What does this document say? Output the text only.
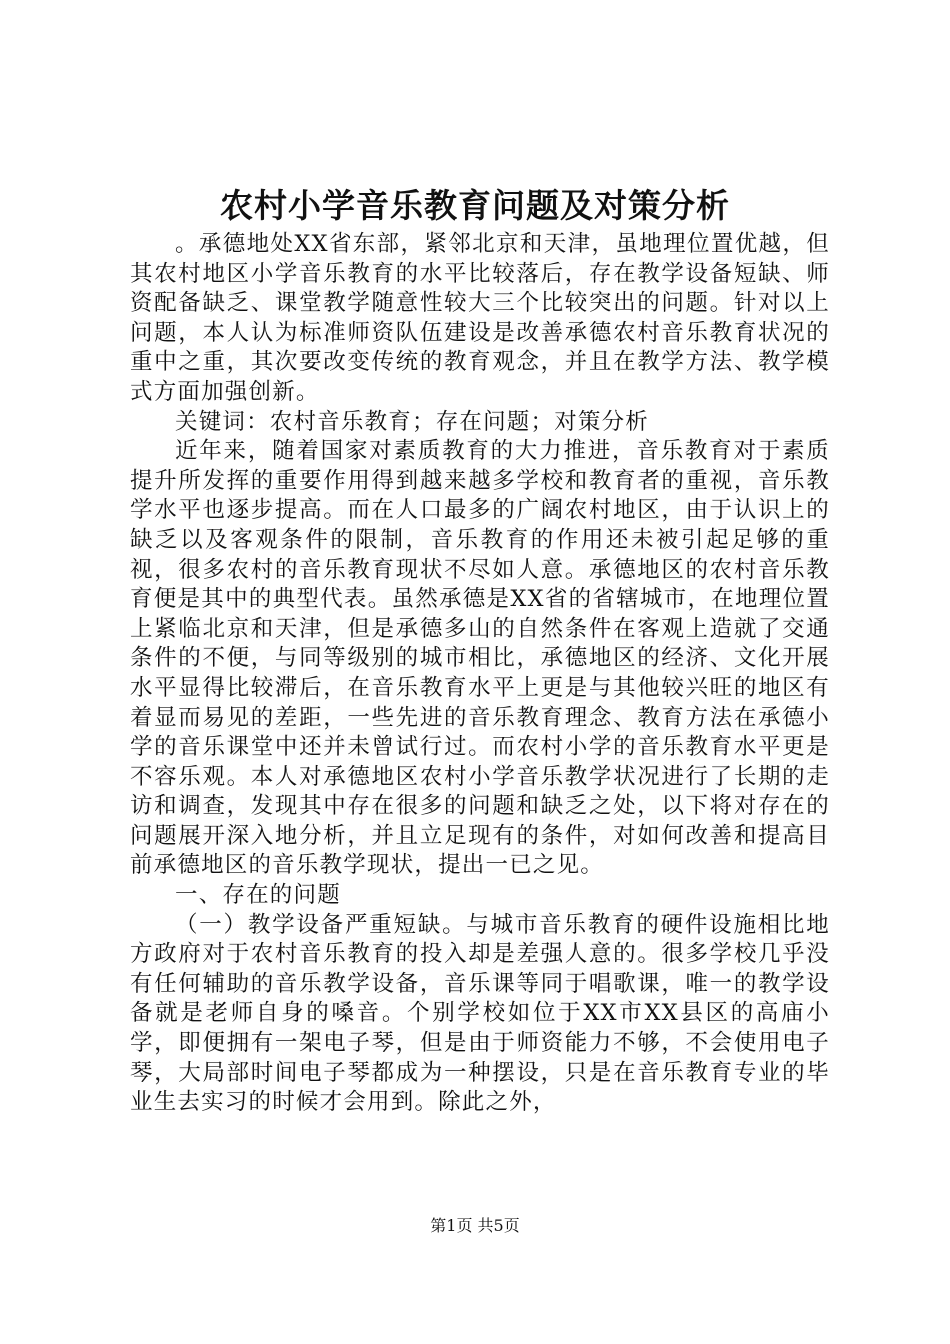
农村小学音乐教育问题及对策分析

。承德地处XX省东部，紧邻北京和天津，虽地理位置优越，但其农村地区小学音乐教育的水平比较落后，存在教学设备短缺、师资配备缺乏、课堂教学随意性较大三个比较突出的问题。针对以上问题，本人认为标准师资队伍建设是改善承德农村音乐教育状况的重中之重，其次要改变传统的教育观念，并且在教学方法、教学模式方面加强创新。

关键词：农村音乐教育；存在问题；对策分析

近年来，随着国家对素质教育的大力推进，音乐教育对于素质提升所发挥的重要作用得到越来越多学校和教育者的重视，音乐教学水平也逐步提高。而在人口最多的广阔农村地区，由于认识上的缺乏以及客观条件的限制，音乐教育的作用还未被引起足够的重视，很多农村的音乐教育现状不尽如人意。承德地区的农村音乐教育便是其中的典型代表。虽然承德是XX省的省辖城市，在地理位置上紧临北京和天津，但是承德多山的自然条件在客观上造就了交通条件的不便，与同等级别的城市相比，承德地区的经济、文化开展水平显得比较滞后，在音乐教育水平上更是与其他较兴旺的地区有着显而易见的差距，一些先进的音乐教育理念、教育方法在承德小学的音乐课堂中还并未曾试行过。而农村小学的音乐教育水平更是不容乐观。本人对承德地区农村小学音乐教学状况进行了长期的走访和调查，发现其中存在很多的问题和缺乏之处，以下将对存在的问题展开深入地分析，并且立足现有的条件，对如何改善和提高目前承德地区的音乐教学现状，提出一已之见。

一、存在的问题

（一）教学设备严重短缺。与城市音乐教育的硬件设施相比地方政府对于农村音乐教育的投入却是差强人意的。很多学校几乎没有任何辅助的音乐教学设备，音乐课等同于唱歌课，唯一的教学设备就是老师自身的嗓音。个别学校如位于XX市XX县区的高庙小学，即便拥有一架电子琴，但是由于师资能力不够，不会使用电子琴，大局部时间电子琴都成为一种摆设，只是在音乐教育专业的毕业生去实习的时候才会用到。除此之外，

第1页 共5页
